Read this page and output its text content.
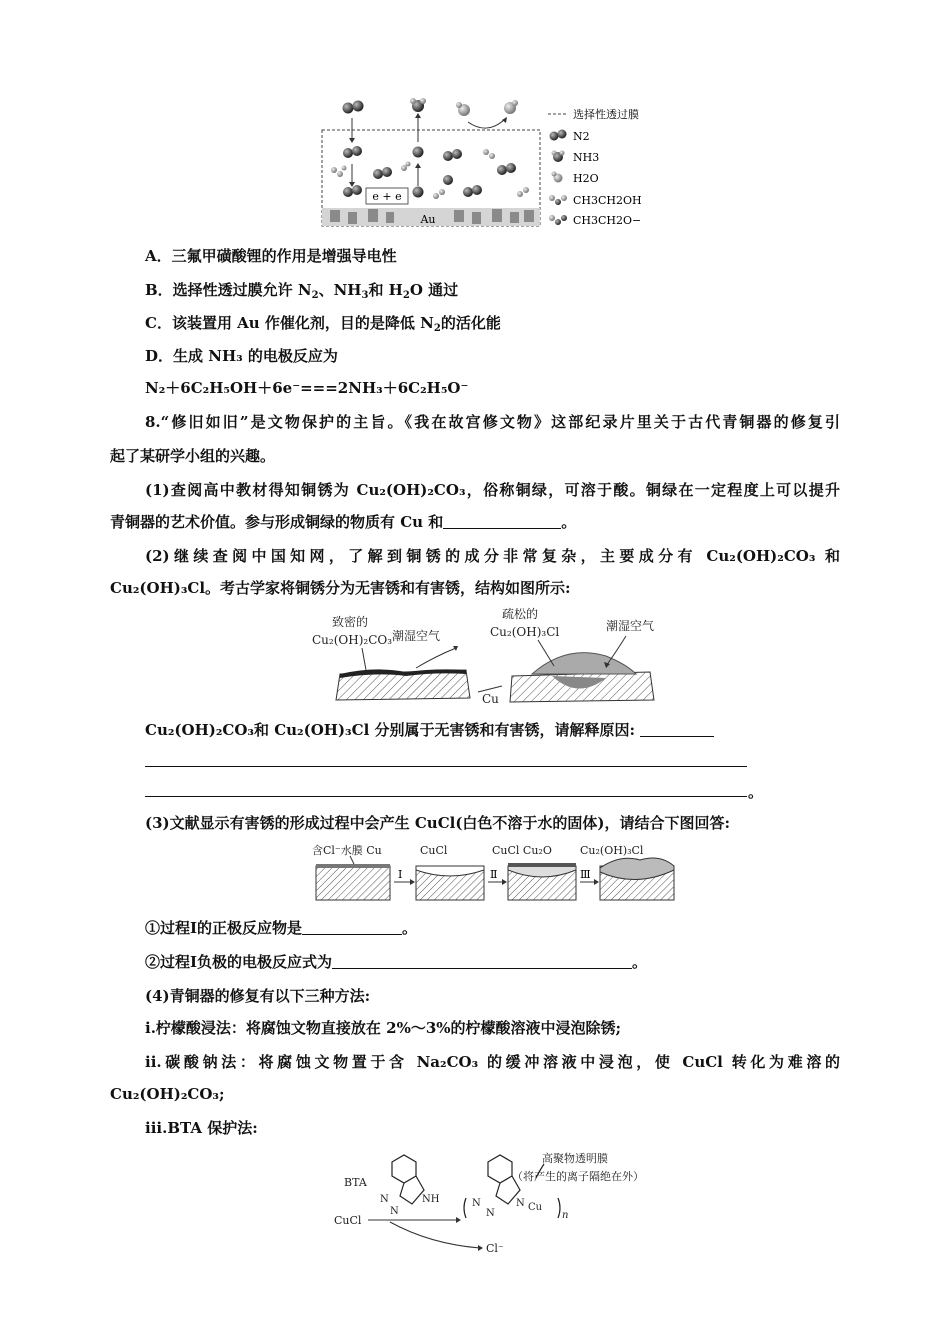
e + e
Au
选择性透过膜
N2
NH3
H2O
CH3CH2OH
CH3CH2O−
A．三氟甲磺酸锂的作用是增强导电性
B．选择性透过膜允许 $N_2$、$NH_3$和 $H_2O$ 通过
C．该装置用 Au 作催化剂，目的是降低 $N_2$的活化能
D．生成 NH₃ 的电极反应为
N₂＋6C₂H₅OH＋6e⁻===2NH₃＋6C₂H₅O⁻
8.“修旧如旧”是文物保护的主旨。《我在故宫修文物》这部纪录片里关于古代青铜器的修复引
起了某研学小组的兴趣。
(1)查阅高中教材得知铜锈为 Cu₂(OH)₂CO₃，俗称铜绿，可溶于酸。铜绿在一定程度上可以提升
青铜器的艺术价值。参与形成铜绿的物质有 Cu 和	。
(2)继续查阅中国知网，了解到铜锈的成分非常复杂，主要成分有 Cu₂(OH)₂CO₃ 和
Cu₂(OH)₃Cl。考古学家将铜锈分为无害锈和有害锈，结构如图所示:
致密的
Cu₂(OH)₂CO₃ 潮湿空气
疏松的
Cu₂(OH)₃Cl	潮湿空气
Cu
Cu₂(OH)₂CO₃和 Cu₂(OH)₃Cl 分别属于无害锈和有害锈，请解释原因:
。
(3)文献显示有害锈的形成过程中会产生 CuCl(白色不溶于水的固体)，请结合下图回答:
含Cl⁻水膜 Cu	CuCl	CuCl Cu₂O	Cu₂(OH)₃Cl
Ⅰ	Ⅱ	Ⅲ
①过程Ⅰ的正极反应物是	。
②过程Ⅰ负极的电极反应式为	。
(4)青铜器的修复有以下三种方法:
i.柠檬酸浸法：将腐蚀文物直接放在 2%～3%的柠檬酸溶液中浸泡除锈;
ii.碳酸钠法：将腐蚀文物置于含 Na₂CO₃ 的缓冲溶液中浸泡，使 CuCl 转化为难溶的
Cu₂(OH)₂CO₃;
iii.BTA 保护法:
BTA
CuCl
Cl⁻
高聚物透明膜
（将产生的离子隔绝在外）
N
N
NH	N
N
N Cu
n
